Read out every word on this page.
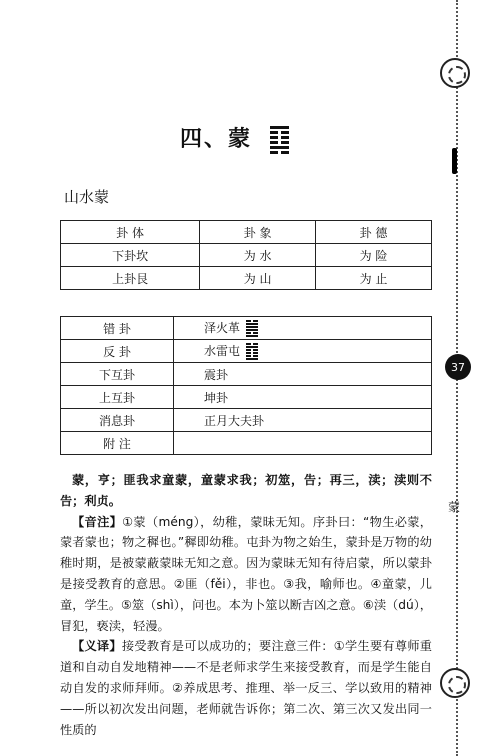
37
蒙
四、蒙
山水蒙
卦 体	卦 象	卦 德
下卦坎	为 水	为 险
上卦艮	为 山	为 止
错 卦	泽火革

反 卦	水雷屯

下互卦	震卦
上互卦	坤卦
消息卦	正月大夫卦
附 注	

蒙，亨；匪我求童蒙，童蒙求我；初筮，告；再三，渎；渎则不告；利贞。

【音注】①蒙（méng），幼稚，蒙昧无知。序卦曰：“物生必蒙，蒙者蒙也；物之穉也。”穉即幼稚。屯卦为物之始生，蒙卦是万物的幼稚时期，是被蒙蔽蒙昧无知之意。因为蒙昧无知有待启蒙，所以蒙卦是接受教育的意思。②匪（fěi），非也。③我，喻师也。④童蒙，儿童，学生。⑤筮（shì），问也。本为卜筮以断吉凶之意。⑥渎（dú），冒犯，亵渎，轻漫。

【义译】接受教育是可以成功的；要注意三件：①学生要有尊师重道和自动自发地精神——不是老师求学生来接受教育，而是学生能自动自发的求师拜师。②养成思考、推理、举一反三、学以致用的精神——所以初次发出问题，老师就告诉你；第二次、第三次又发出同一性质的
